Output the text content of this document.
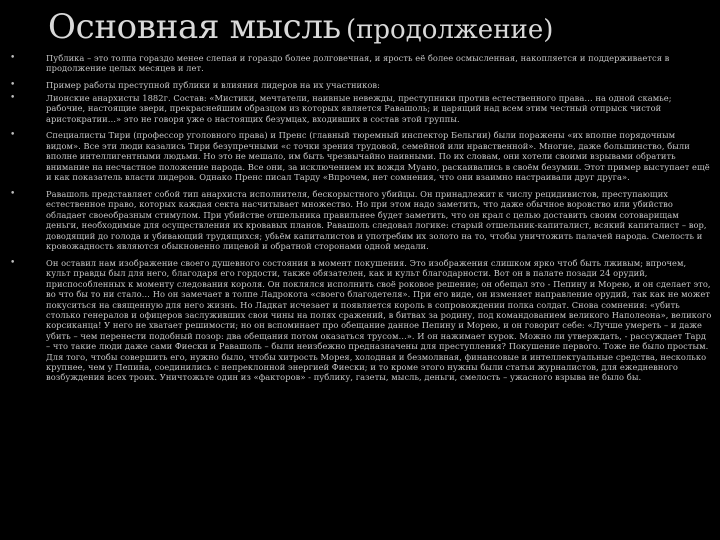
Основная мысль (продолжение)
•	Публика – это толпа гораздо менее слепая и гораздо более долговечная, и ярость её более осмысленная, накопляется и поддерживается в продолжение целых месяцев и лет.
•	Пример работы преступной публики и влияния лидеров на их участников:
•	Лионские анархисты 1882г. Состав: «Мистики, мечтатели, наивные невежды, преступники против естественного права… на одной скамье; рабочие, настоящие звери, прекраснейшим образцом из которых является Равашоль; и царящий над всем этим честный отпрыск чистой аристократии…» это не говоря уже о настоящих безумцах, входивших в состав этой группы.
•	Специалисты Тири (профессор уголовного права) и Пренс (главный тюремный инспектор Бельгии) были поражены «их вполне порядочным видом». Все эти люди казались Тири безупречными «с точки зрения трудовой, семейной или нравственной». Многие, даже большинство, были вполне интеллигентными людьми. Но это не мешало, им быть чрезвычайно наивными. По их словам, они хотели своими взрывами обратить внимание на несчастное положение народа. Все они, за исключением их вождя Муано, раскаивались в своём безумии. Этот пример выступает ещё и как показатель власти лидеров. Однако Пренс писал Тарду «Впрочем, нет сомнения, что они взаимно настраивали друг друга».
•	Равашоль представляет собой тип анархиста исполнителя, бескорыстного убийцы. Он принадлежит к числу рецидивистов, преступающих естественное право, которых каждая секта насчитывает множество. Но при этом надо заметить, что даже обычное воровство или убийство обладает своеобразным стимулом. При убийстве отшельника правильнее будет заметить, что он крал с целью доставить своим сотоварищам деньги, необходимые для осуществления их кровавых планов. Равашоль следовал логике: старый отшельник-капиталист, всякий капиталист – вор, доводящий до голода и убивающий трудящихся; убьём капиталистов и употребим их золото на то, чтобы уничтожить палачей народа. Смелость и кровожадность являются обыкновенно лицевой и обратной сторонами одной медали.
•	Он оставил нам изображение своего душевного состояния в момент покушения. Это изображения слишком ярко чтоб быть лживым; впрочем, культ правды был для него, благодаря его гордости, также обязателен, как и культ благодарности. Вот он в палате позади 24 орудий, приспособленных к моменту следования короля. Он поклялся исполнить своё роковое решение; он обещал это - Пепину и Морею, и он сделает это, во что бы то ни стало… Но он замечает в толпе Ладрокота «своего благодетеля». При его виде, он изменяет направление орудий, так как не может покуситься на священную для него жизнь. Но Ладкат исчезает и появляется король в сопровождении полка солдат. Снова сомнения: «убить столько генералов и офицеров заслуживших свои чины на полях сражений, в битвах за родину, под командованием великого Наполеона», великого корсиканца! У него не хватает решимости; но он вспоминает про обещание данное Пепину и Морею, и он говорит себе: «Лучше умереть – и даже убить – чем перенести подобный позор: два обещания потом оказаться трусом…». И он нажимает курок. Можно ли утверждать, - рассуждает Тард – что такие люди даже сами Фиески и Равашоль – были неизбежно предназначены для преступления? Покушение первого. Тоже не было простым. Для того, чтобы совершить его, нужно было, чтобы хитрость Морея, холодная и безмолвная, финансовые и интеллектуальные средства, несколько крупнее, чем у Пепина, соединились с непреклонной энергией Фиески; и то кроме этого нужны были статьи журналистов, для ежедневного возбуждения всех троих. Уничтожьте один из «факторов» - публику, газеты, мысль, деньги, смелость – ужасного взрыва не было бы.
